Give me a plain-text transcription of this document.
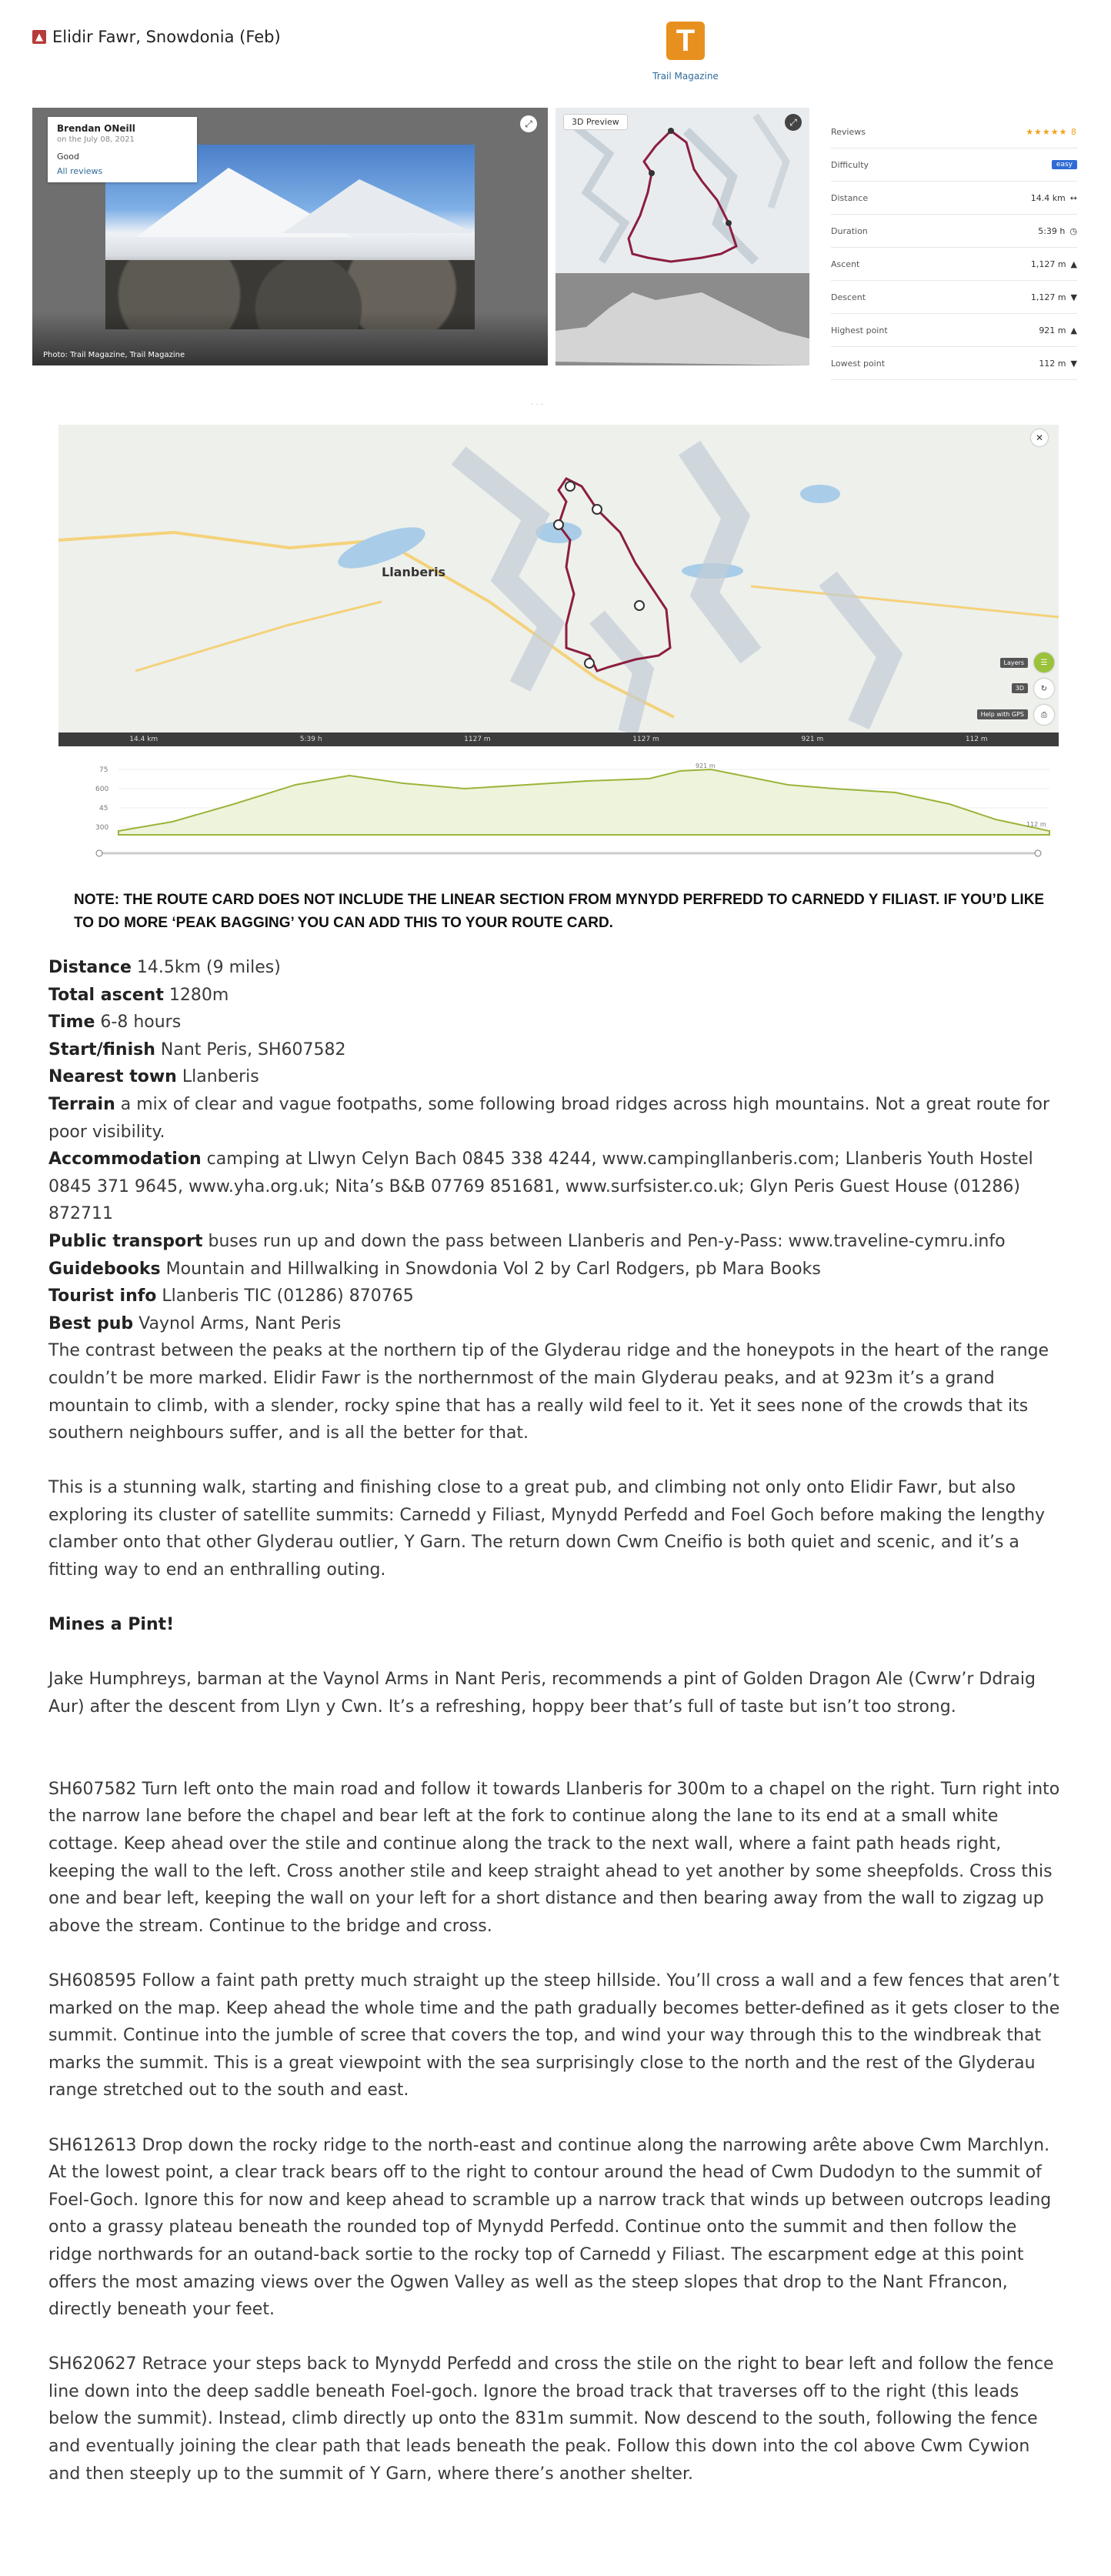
▲ Elidir Fawr, Snowdonia (Feb)	T
Trail Magazine
Brendan ONeill
on the July 08, 2021
Good
All reviews
⤢
Photo: Trail Magazine, Trail Magazine
3D Preview	⤢
Reviews	★★★★★ 8
Difficulty	easy
Distance	14.4 km ↔
Duration	5:39 h ◷
Ascent	1,127 m ▲
Descent	1,127 m ▼
Highest point	921 m ▲
Lowest point	112 m ▼
. . .
Llanberis
✕
Layers	☰
3D	↻
Help with GPS	⎙
14.4 km	5:39 h	1127 m	1127 m	921 m	112 m
75
600
45
300
921 m
112 m
NOTE: THE ROUTE CARD DOES NOT INCLUDE THE LINEAR SECTION FROM MYNYDD PERFREDD TO CARNEDD Y FILIAST. IF YOU’D LIKE TO DO MORE ‘PEAK BAGGING’ YOU CAN ADD THIS TO YOUR ROUTE CARD.

Distance 14.5km (9 miles)

Total ascent 1280m

Time 6-8 hours

Start/finish Nant Peris, SH607582

Nearest town Llanberis

Terrain a mix of clear and vague footpaths, some following broad ridges across high mountains. Not a great route for poor visibility.

Accommodation camping at Llwyn Celyn Bach 0845 338 4244, www.campingllanberis.com; Llanberis Youth Hostel 0845 371 9645, www.yha.org.uk; Nita’s B&B 07769 851681, www.surfsister.co.uk; Glyn Peris Guest House (01286) 872711

Public transport buses run up and down the pass between Llanberis and Pen-y-Pass: www.traveline-cymru.info

Guidebooks Mountain and Hillwalking in Snowdonia Vol 2 by Carl Rodgers, pb Mara Books

Tourist info Llanberis TIC (01286) 870765

Best pub Vaynol Arms, Nant Peris

The contrast between the peaks at the northern tip of the Glyderau ridge and the honeypots in the heart of the range couldn’t be more marked. Elidir Fawr is the northernmost of the main Glyderau peaks, and at 923m it’s a grand mountain to climb, with a slender, rocky spine that has a really wild feel to it. Yet it sees none of the crowds that its southern neighbours suffer, and is all the better for that.

This is a stunning walk, starting and finishing close to a great pub, and climbing not only onto Elidir Fawr, but also exploring its cluster of satellite summits: Carnedd y Filiast, Mynydd Perfedd and Foel Goch before making the lengthy clamber onto that other Glyderau outlier, Y Garn. The return down Cwm Cneifio is both quiet and scenic, and it’s a fitting way to end an enthralling outing.

Mines a Pint!

Jake Humphreys, barman at the Vaynol Arms in Nant Peris, recommends a pint of Golden Dragon Ale (Cwrw’r Ddraig Aur) after the descent from Llyn y Cwn. It’s a refreshing, hoppy beer that’s full of taste but isn’t too strong.

SH607582 Turn left onto the main road and follow it towards Llanberis for 300m to a chapel on the right. Turn right into the narrow lane before the chapel and bear left at the fork to continue along the lane to its end at a small white cottage. Keep ahead over the stile and continue along the track to the next wall, where a faint path heads right, keeping the wall to the left. Cross another stile and keep straight ahead to yet another by some sheepfolds. Cross this one and bear left, keeping the wall on your left for a short distance and then bearing away from the wall to zigzag up above the stream. Continue to the bridge and cross.

SH608595 Follow a faint path pretty much straight up the steep hillside. You’ll cross a wall and a few fences that aren’t marked on the map. Keep ahead the whole time and the path gradually becomes better-defined as it gets closer to the summit. Continue into the jumble of scree that covers the top, and wind your way through this to the windbreak that marks the summit. This is a great viewpoint with the sea surprisingly close to the north and the rest of the Glyderau range stretched out to the south and east.

SH612613 Drop down the rocky ridge to the north-east and continue along the narrowing arête above Cwm Marchlyn. At the lowest point, a clear track bears off to the right to contour around the head of Cwm Dudodyn to the summit of Foel-Goch. Ignore this for now and keep ahead to scramble up a narrow track that winds up between outcrops leading onto a grassy plateau beneath the rounded top of Mynydd Perfedd. Continue onto the summit and then follow the ridge northwards for an outand-back sortie to the rocky top of Carnedd y Filiast. The escarpment edge at this point offers the most amazing views over the Ogwen Valley as well as the steep slopes that drop to the Nant Ffrancon, directly beneath your feet.

SH620627 Retrace your steps back to Mynydd Perfedd and cross the stile on the right to bear left and follow the fence line down into the deep saddle beneath Foel-goch. Ignore the broad track that traverses off to the right (this leads below the summit). Instead, climb directly up onto the 831m summit. Now descend to the south, following the fence and eventually joining the clear path that leads beneath the peak. Follow this down into the col above Cwm Cywion and then steeply up to the summit of Y Garn, where there’s another shelter.
